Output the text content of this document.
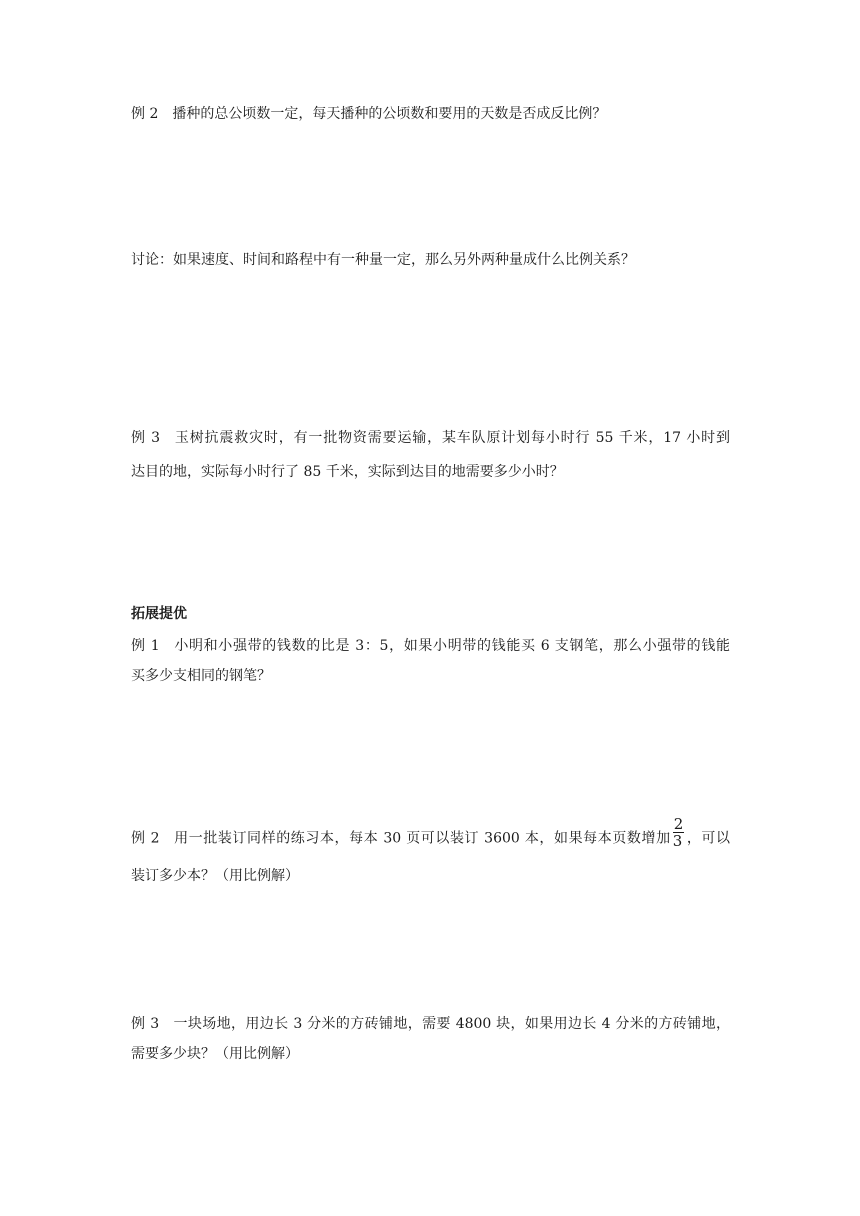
例 2 播种的总公顷数一定，每天播种的公顷数和要用的天数是否成反比例？
讨论：如果速度、时间和路程中有一种量一定，那么另外两种量成什么比例关系？
例 3 玉树抗震救灾时，有一批物资需要运输，某车队原计划每小时行 55 千米，17 小时到
达目的地，实际每小时行了 85 千米，实际到达目的地需要多少小时？
拓展提优
例 1 小明和小强带的钱数的比是 3：5，如果小明带的钱能买 6 支钢笔，那么小强带的钱能
买多少支相同的钢笔？
例 2 用一批装订同样的练习本，每本 30 页可以装订 3600 本，如果每本页数增加 $\frac{2}{3}$ ，可以
装订多少本？（用比例解）
例 3 一块场地，用边长 3 分米的方砖铺地，需要 4800 块，如果用边长 4 分米的方砖铺地，
需要多少块？（用比例解）
